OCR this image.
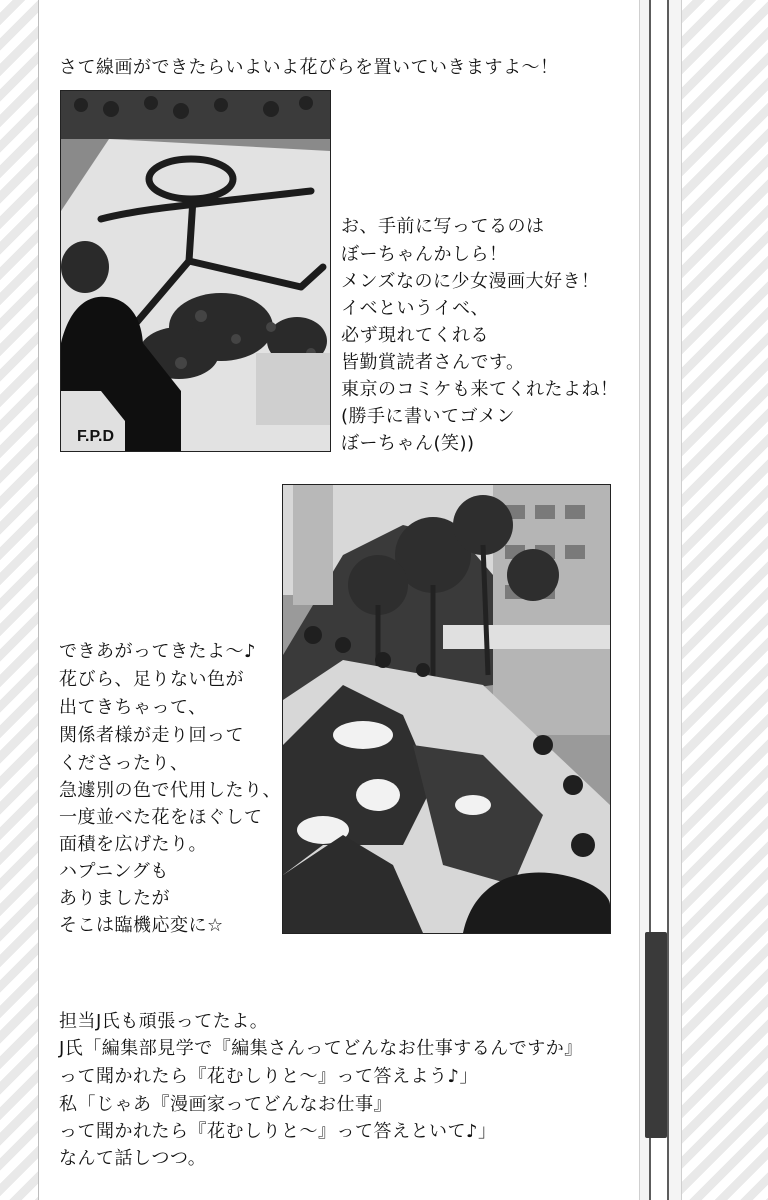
さて線画ができたらいよいよ花びらを置いていきますよ～！

F.P.D

お、手前に写ってるのは

ぼーちゃんかしら！

メンズなのに少女漫画大好き！

イベというイベ、

必ず現れてくれる

皆勤賞読者さんです。

東京のコミケも来てくれたよね！

(勝手に書いてゴメン

ぼーちゃん(笑))

できあがってきたよ～♪

花びら、足りない色が

出てきちゃって、

関係者様が走り回って

くださったり、

急遽別の色で代用したり、

一度並べた花をほぐして

面積を広げたり。

ハプニングも

ありましたが

そこは臨機応変に☆

担当J氏も頑張ってたよ。

J氏「編集部見学で『編集さんってどんなお仕事するんですか』

って聞かれたら『花むしりと～』って答えよう♪」

私「じゃあ『漫画家ってどんなお仕事』

って聞かれたら『花むしりと～』って答えといて♪」

なんて話しつつ。
